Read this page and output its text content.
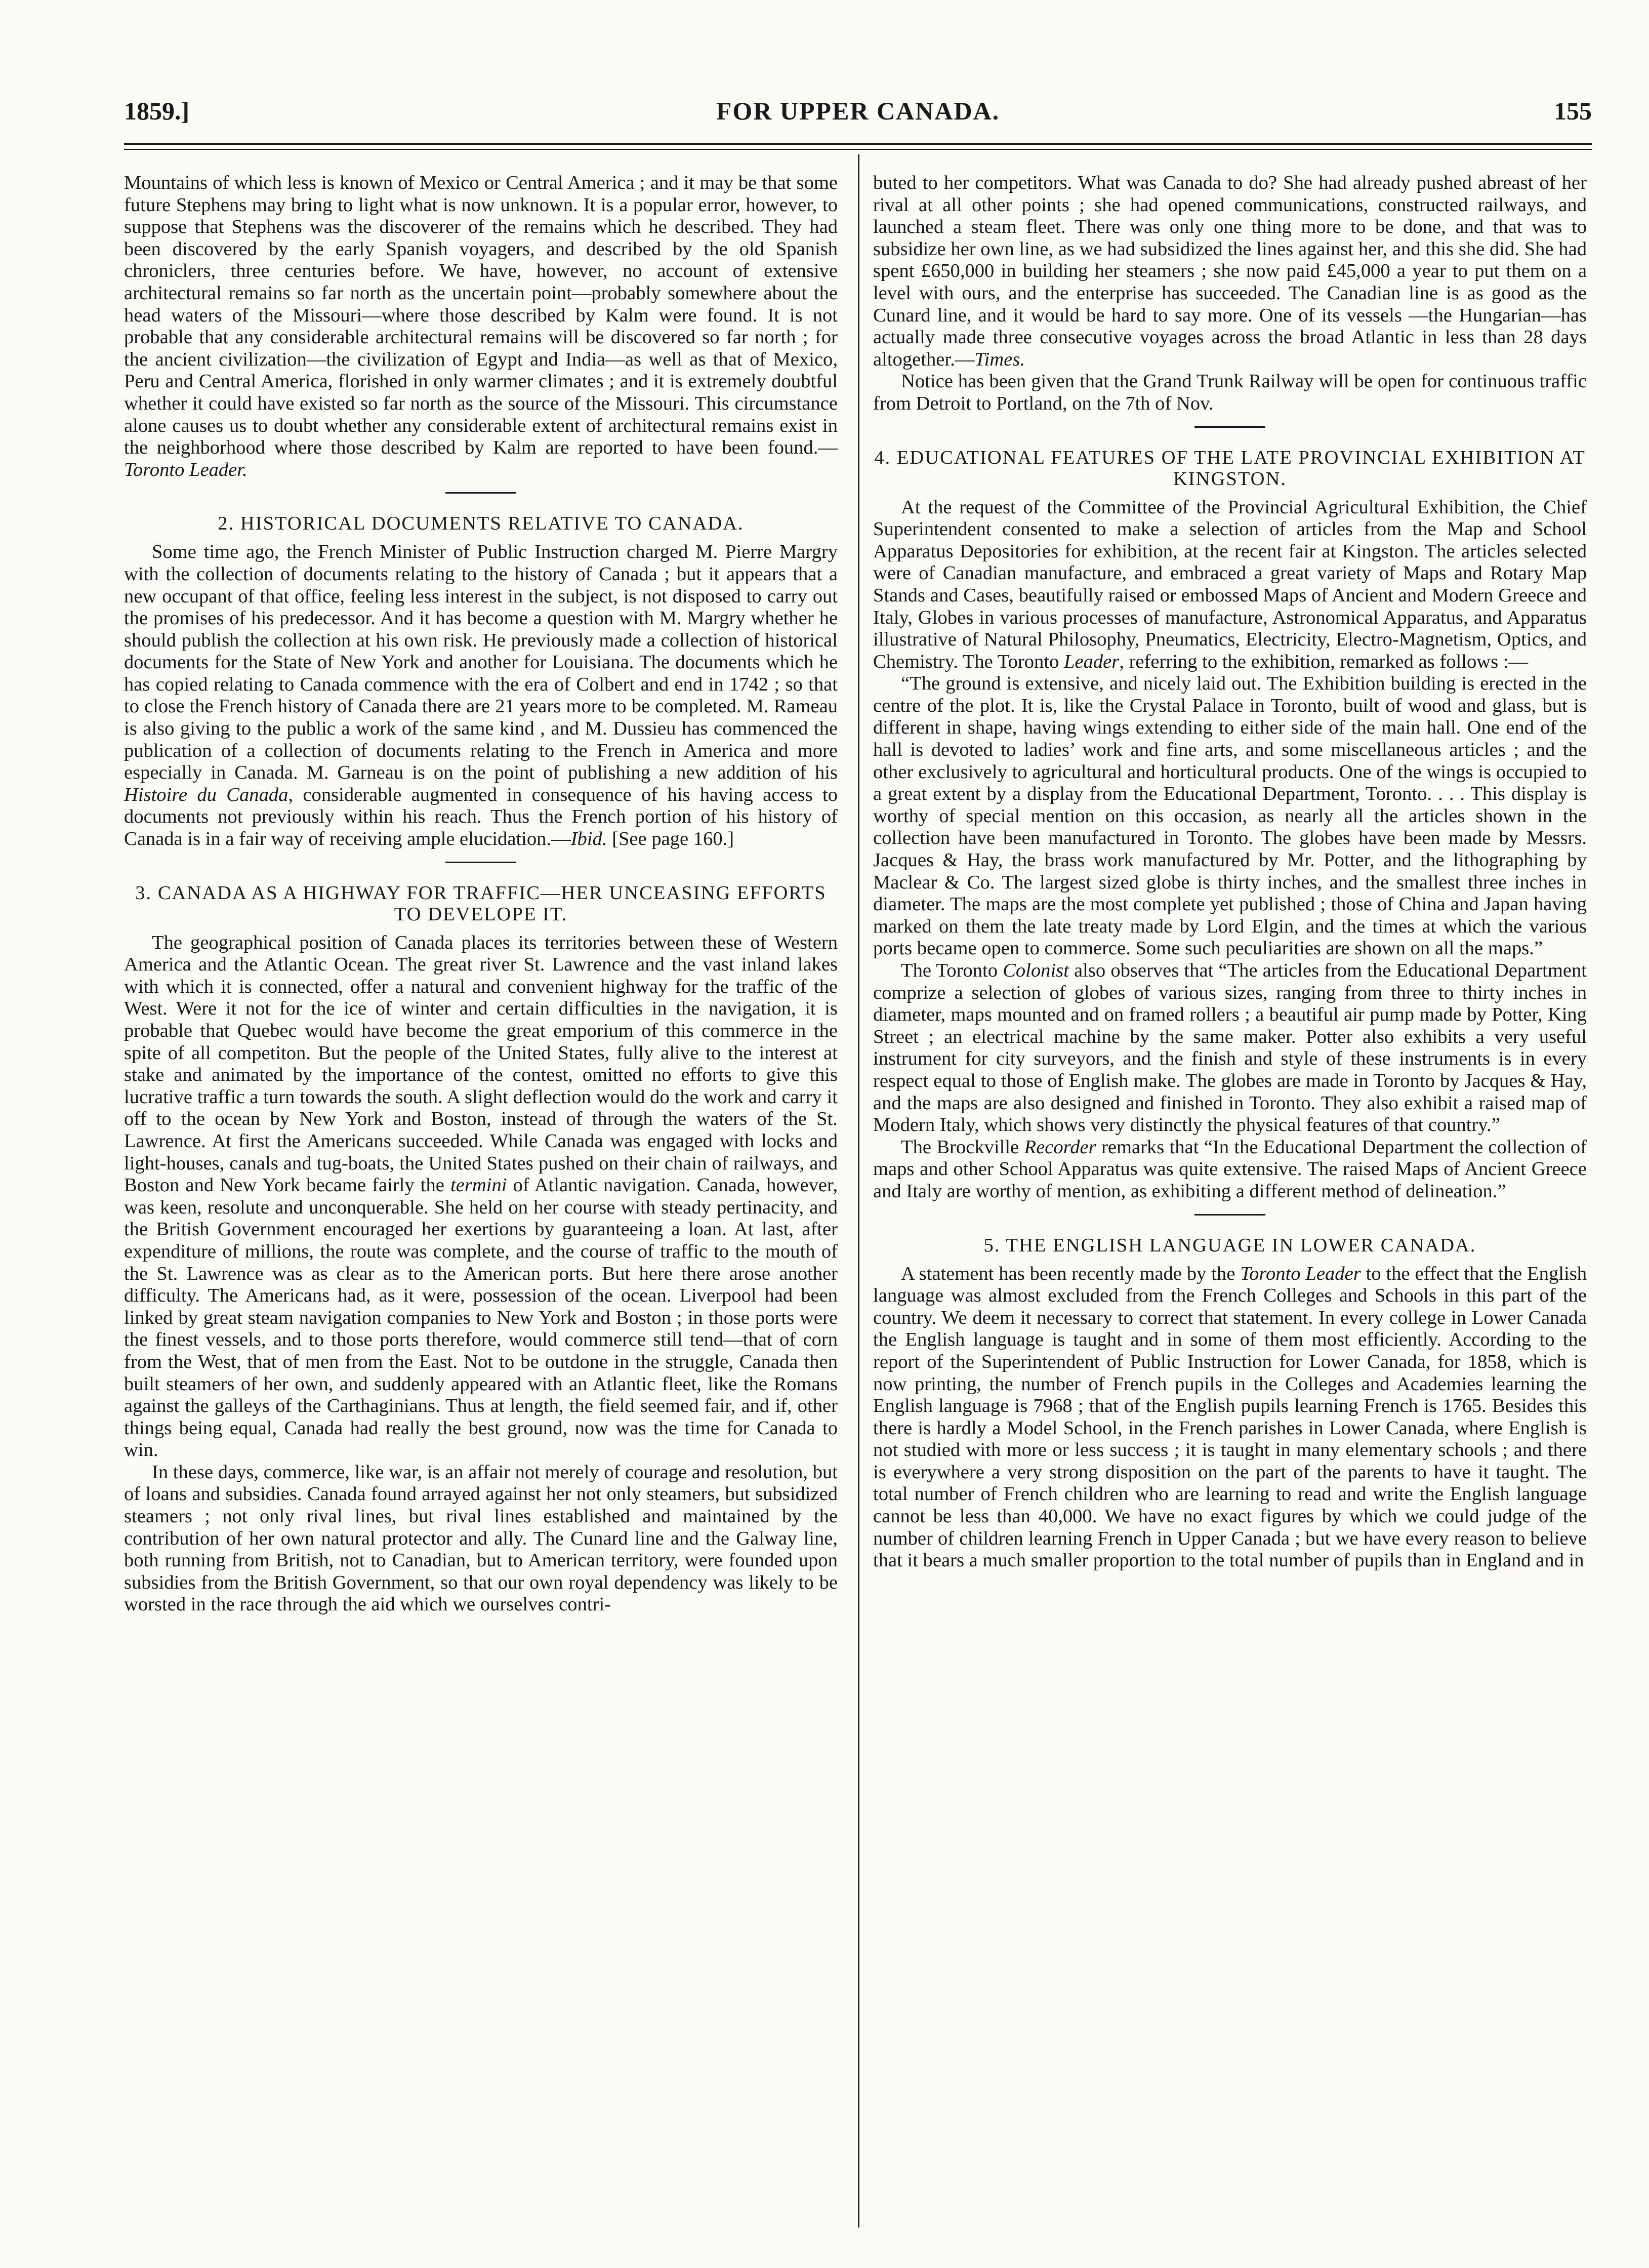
1859.]	FOR UPPER CANADA.	155

Mountains of which less is known of Mexico or Central America ; and it may be that some future Stephens may bring to light what is now unknown. It is a popular error, however, to suppose that Stephens was the discoverer of the remains which he described. They had been discovered by the early Spanish voyagers, and described by the old Spanish chroniclers, three centuries before. We have, however, no account of extensive architectural remains so far north as the uncertain point—probably somewhere about the head waters of the Missouri—where those described by Kalm were found. It is not probable that any considerable architectural remains will be discovered so far north ; for the ancient civilization—the civilization of Egypt and India—as well as that of Mexico, Peru and Central America, florished in only warmer climates ; and it is extremely doubtful whether it could have existed so far north as the source of the Missouri. This circumstance alone causes us to doubt whether any considerable extent of architectural remains exist in the neighborhood where those described by Kalm are reported to have been found.—Toronto Leader.

2. HISTORICAL DOCUMENTS RELATIVE TO CANADA.

Some time ago, the French Minister of Public Instruction charged M. Pierre Margry with the collection of documents relating to the history of Canada ; but it appears that a new occupant of that office, feeling less interest in the subject, is not disposed to carry out the promises of his predecessor. And it has become a question with M. Margry whether he should publish the collection at his own risk. He previously made a collection of historical documents for the State of New York and another for Louisiana. The documents which he has copied relating to Canada commence with the era of Colbert and end in 1742 ; so that to close the French history of Canada there are 21 years more to be completed. M. Rameau is also giving to the public a work of the same kind , and M. Dussieu has commenced the publication of a collection of documents relating to the French in America and more especially in Canada. M. Garneau is on the point of publishing a new addition of his Histoire du Canada, considerable augmented in consequence of his having access to documents not previously within his reach. Thus the French portion of his history of Canada is in a fair way of receiving ample elucidation.—Ibid. [See page 160.]

3. CANADA AS A HIGHWAY FOR TRAFFIC—HER UNCEASING EFFORTS TO DEVELOPE IT.

The geographical position of Canada places its territories between these of Western America and the Atlantic Ocean. The great river St. Lawrence and the vast inland lakes with which it is connected, offer a natural and convenient highway for the traffic of the West. Were it not for the ice of winter and certain difficulties in the navigation, it is probable that Quebec would have become the great emporium of this commerce in the spite of all competiton. But the people of the United States, fully alive to the interest at stake and animated by the importance of the contest, omitted no efforts to give this lucrative traffic a turn towards the south. A slight deflection would do the work and carry it off to the ocean by New York and Boston, instead of through the waters of the St. Lawrence. At first the Americans succeeded. While Canada was engaged with locks and light-houses, canals and tug-boats, the United States pushed on their chain of railways, and Boston and New York became fairly the termini of Atlantic navigation. Canada, however, was keen, resolute and unconquerable. She held on her course with steady pertinacity, and the British Government encouraged her exertions by guaranteeing a loan. At last, after expenditure of millions, the route was complete, and the course of traffic to the mouth of the St. Lawrence was as clear as to the American ports. But here there arose another difficulty. The Americans had, as it were, possession of the ocean. Liverpool had been linked by great steam navigation companies to New York and Boston ; in those ports were the finest vessels, and to those ports therefore, would commerce still tend—that of corn from the West, that of men from the East. Not to be outdone in the struggle, Canada then built steamers of her own, and suddenly appeared with an Atlantic fleet, like the Romans against the galleys of the Carthaginians. Thus at length, the field seemed fair, and if, other things being equal, Canada had really the best ground, now was the time for Canada to win.

In these days, commerce, like war, is an affair not merely of courage and resolution, but of loans and subsidies. Canada found arrayed against her not only steamers, but subsidized steamers ; not only rival lines, but rival lines established and maintained by the contribution of her own natural protector and ally. The Cunard line and the Galway line, both running from British, not to Canadian, but to American territory, were founded upon subsidies from the British Government, so that our own royal dependency was likely to be worsted in the race through the aid which we ourselves contri-

buted to her competitors. What was Canada to do? She had already pushed abreast of her rival at all other points ; she had opened communications, constructed railways, and launched a steam fleet. There was only one thing more to be done, and that was to subsidize her own line, as we had subsidized the lines against her, and this she did. She had spent £650,000 in building her steamers ; she now paid £45,000 a year to put them on a level with ours, and the enterprise has succeeded. The Canadian line is as good as the Cunard line, and it would be hard to say more. One of its vessels —the Hungarian—has actually made three consecutive voyages across the broad Atlantic in less than 28 days altogether.—Times.

Notice has been given that the Grand Trunk Railway will be open for continuous traffic from Detroit to Portland, on the 7th of Nov.

4. EDUCATIONAL FEATURES OF THE LATE PROVINCIAL EXHIBITION AT KINGSTON.

At the request of the Committee of the Provincial Agricultural Exhibition, the Chief Superintendent consented to make a selection of articles from the Map and School Apparatus Depositories for exhibition, at the recent fair at Kingston. The articles selected were of Canadian manufacture, and embraced a great variety of Maps and Rotary Map Stands and Cases, beautifully raised or embossed Maps of Ancient and Modern Greece and Italy, Globes in various processes of manufacture, Astronomical Apparatus, and Apparatus illustrative of Natural Philosophy, Pneumatics, Electricity, Electro-Magnetism, Optics, and Chemistry. The Toronto Leader, referring to the exhibition, remarked as follows :—

“The ground is extensive, and nicely laid out. The Exhibition building is erected in the centre of the plot. It is, like the Crystal Palace in Toronto, built of wood and glass, but is different in shape, having wings extending to either side of the main hall. One end of the hall is devoted to ladies’ work and fine arts, and some miscellaneous articles ; and the other exclusively to agricultural and horticultural products. One of the wings is occupied to a great extent by a display from the Educational Department, Toronto. . . . This display is worthy of special mention on this occasion, as nearly all the articles shown in the collection have been manufactured in Toronto. The globes have been made by Messrs. Jacques & Hay, the brass work manufactured by Mr. Potter, and the lithographing by Maclear & Co. The largest sized globe is thirty inches, and the smallest three inches in diameter. The maps are the most complete yet published ; those of China and Japan having marked on them the late treaty made by Lord Elgin, and the times at which the various ports became open to commerce. Some such peculiarities are shown on all the maps.”

The Toronto Colonist also observes that “The articles from the Educational Department comprize a selection of globes of various sizes, ranging from three to thirty inches in diameter, maps mounted and on framed rollers ; a beautiful air pump made by Potter, King Street ; an electrical machine by the same maker. Potter also exhibits a very useful instrument for city surveyors, and the finish and style of these instruments is in every respect equal to those of English make. The globes are made in Toronto by Jacques & Hay, and the maps are also designed and finished in Toronto. They also exhibit a raised map of Modern Italy, which shows very distinctly the physical features of that country.”

The Brockville Recorder remarks that “In the Educational Department the collection of maps and other School Apparatus was quite extensive. The raised Maps of Ancient Greece and Italy are worthy of mention, as exhibiting a different method of delineation.”

5. THE ENGLISH LANGUAGE IN LOWER CANADA.

A statement has been recently made by the Toronto Leader to the effect that the English language was almost excluded from the French Colleges and Schools in this part of the country. We deem it necessary to correct that statement. In every college in Lower Canada the English language is taught and in some of them most efficiently. According to the report of the Superintendent of Public Instruction for Lower Canada, for 1858, which is now printing, the number of French pupils in the Colleges and Academies learning the English language is 7968 ; that of the English pupils learning French is 1765. Besides this there is hardly a Model School, in the French parishes in Lower Canada, where English is not studied with more or less success ; it is taught in many elementary schools ; and there is everywhere a very strong disposition on the part of the parents to have it taught. The total number of French children who are learning to read and write the English language cannot be less than 40,000. We have no exact figures by which we could judge of the number of children learning French in Upper Canada ; but we have every reason to believe that it bears a much smaller proportion to the total number of pupils than in England and in
